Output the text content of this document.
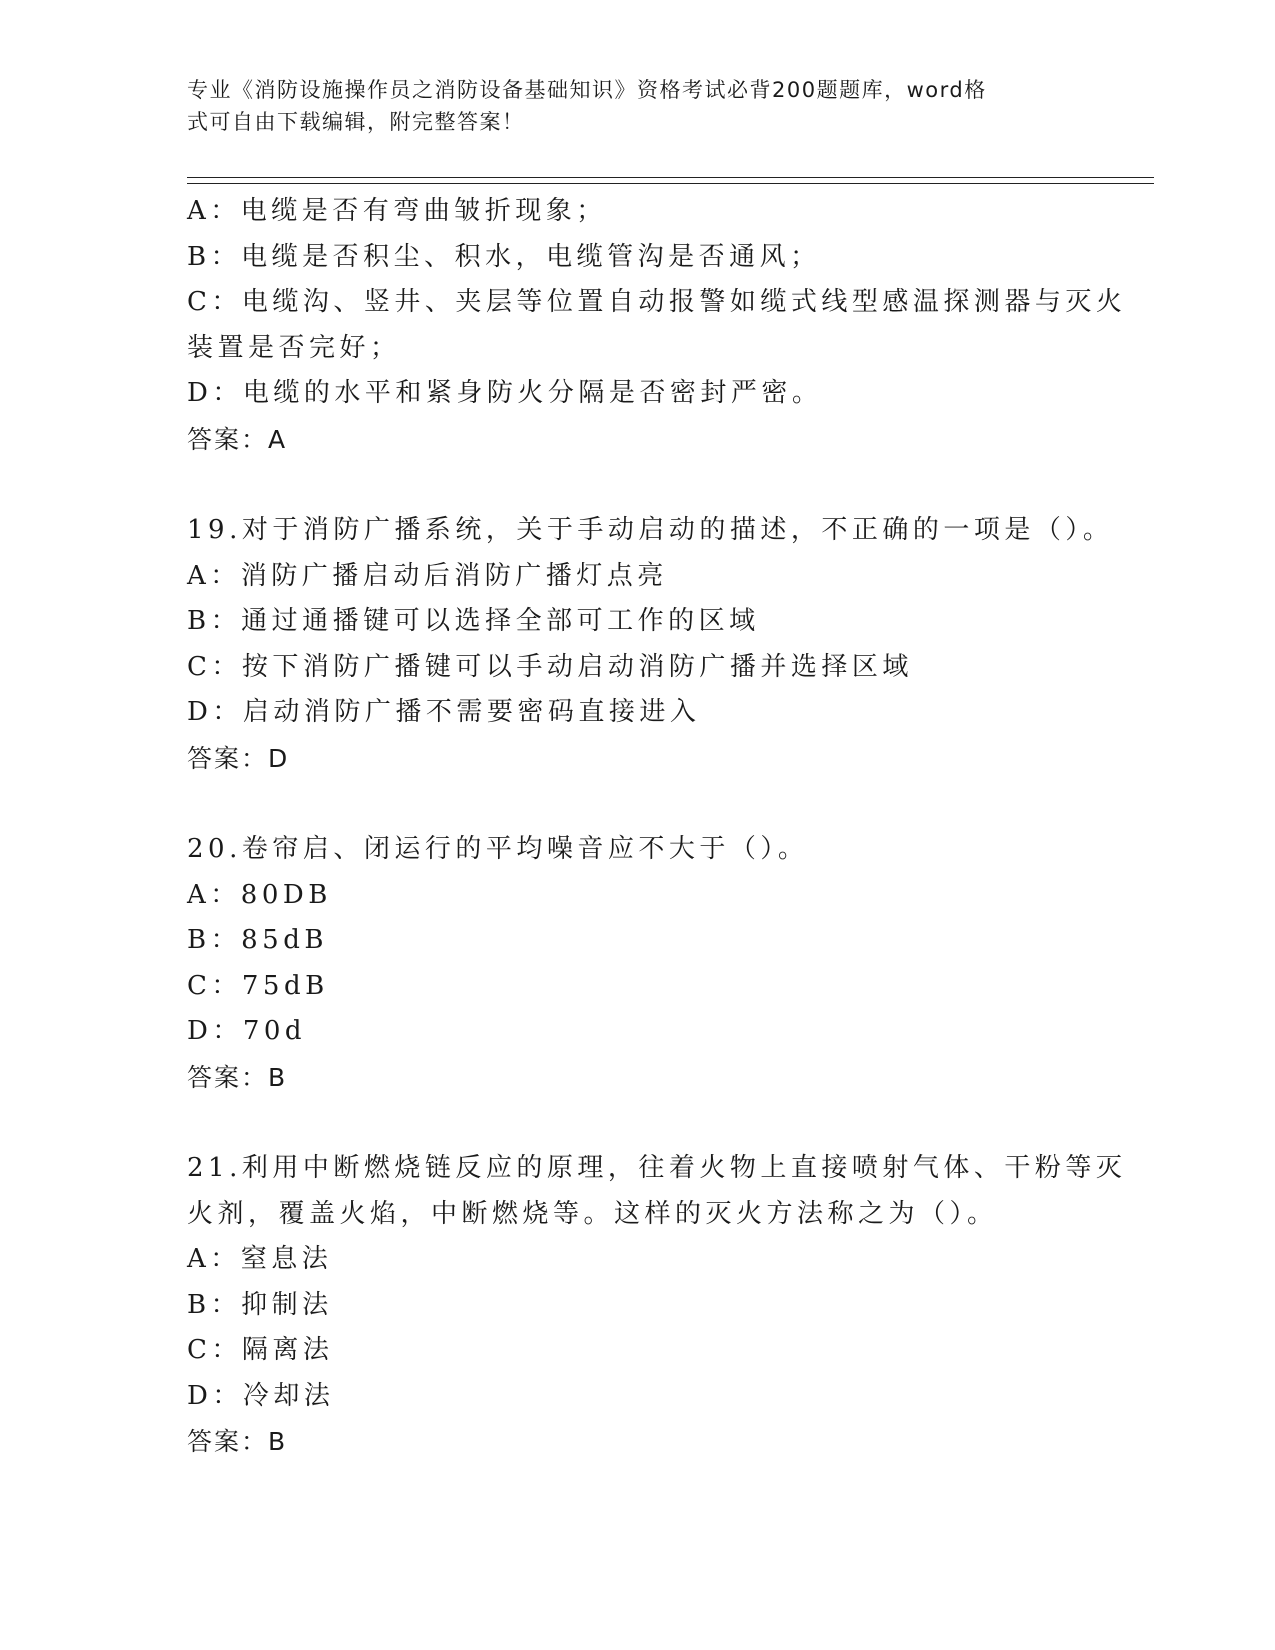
专业《消防设施操作员之消防设备基础知识》资格考试必背200题题库，word格
式可自由下载编辑，附完整答案！
A：电缆是否有弯曲皱折现象；
B：电缆是否积尘、积水，电缆管沟是否通风；
C：电缆沟、竖井、夹层等位置自动报警如缆式线型感温探测器与灭火
装置是否完好；
D：电缆的水平和紧身防火分隔是否密封严密。
答案：A
19.对于消防广播系统，关于手动启动的描述，不正确的一项是（）。
A：消防广播启动后消防广播灯点亮
B：通过通播键可以选择全部可工作的区域
C：按下消防广播键可以手动启动消防广播并选择区域
D：启动消防广播不需要密码直接进入
答案：D
20.卷帘启、闭运行的平均噪音应不大于（）。
A：80DB
B：85dB
C：75dB
D：70d
答案：B
21.利用中断燃烧链反应的原理，往着火物上直接喷射气体、干粉等灭
火剂，覆盖火焰，中断燃烧等。这样的灭火方法称之为（）。
A：窒息法
B：抑制法
C：隔离法
D：冷却法
答案：B
